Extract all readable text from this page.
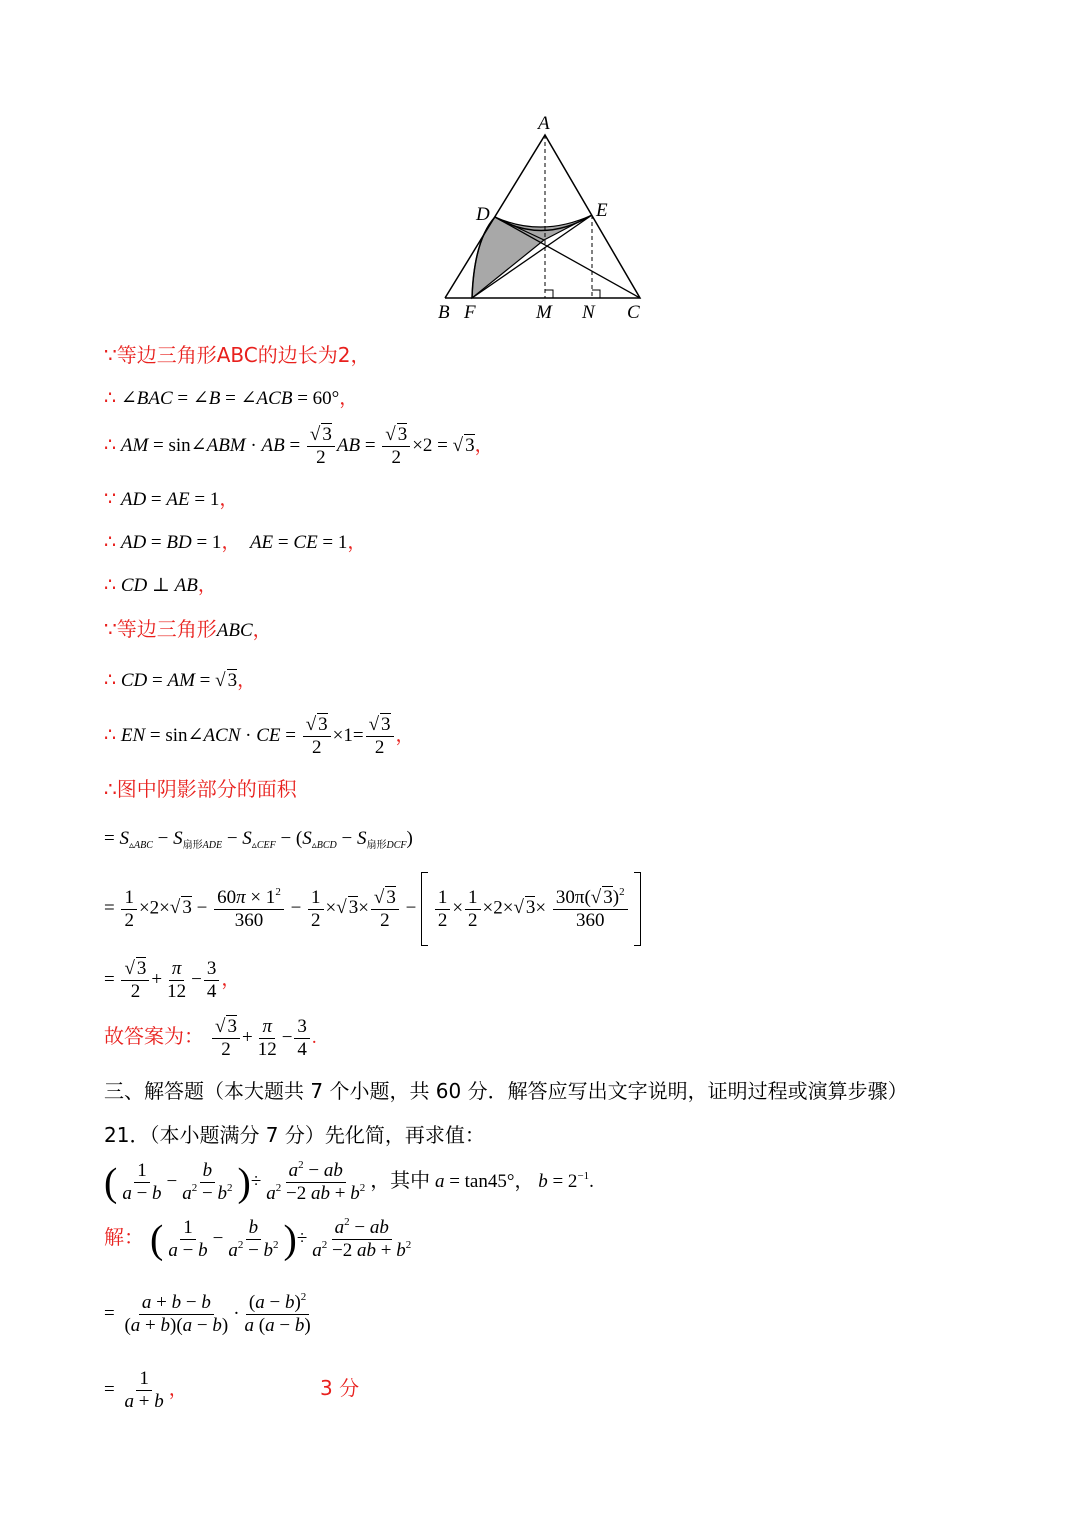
A
D	E
B F	M N C
∵等边三角形ABC的边长为2，
∴ ∠BAC = ∠B = ∠ACB = 60°，
∴ AM = sin∠ABM · AB =
√ $\frac{3}{2}$ AB =
√ $\frac{3}{2} \times 2$ = √ 3，
∵ AD = AE = 1，
∴ AD = BD = 1， AE = CE = 1，
∴ CD ⊥ AB，
∵等边三角形ABC，
∴ CD = AM = √ 3，
∴ EN = sin∠ACN · CE =
√ $\frac{3}{2} \times 1=$
√ $\frac{3}{2}$ ，
∴图中阴影部分的面积
= $S_{▵ABC} - S_{扇形ADE} - S_{▵CEF} - (S_{▵BCD} - S_{扇形DCF})$
= $\frac{1}{2} \times 2\times√$ $3 - \frac{60\pi \times 1^2}{360} - \frac{1}{2}$ ×√ 3×
√ $\frac{3}{2} - \frac{1}{2} \times \frac{1}{2} \times 2\times√$ $3\times \frac{30\pi(√ 3)^2}{360}$

=
√ $\frac{3}{2} + \frac{\pi}{12} - \frac{3}{4}$ ，
故答案为：
√ $\frac{3}{2} + \frac{\pi}{12} - \frac{3}{4}$ .
三、解答题（本大题共 7 个小题，共 60 分．解答应写出文字说明，证明过程或演算步骤）
21．（本小题满分 7 分）先化简，再求值：
( $\frac{1}{a - b} - \frac{b}{a^2 - b^2}$ )÷ $\frac{a^2 - ab}{a^2 -2 ab + b^2}$ ，其中 a = tan45°， $b = 2^{-1}$.
解： ( $\frac{1}{a - b} - \frac{b}{a^2 - b^2}$ )÷ $\frac{a^2 - ab}{a^2 -2 ab + b^2}$
= $\frac{a + b - b}{(a + b)(a - b)} \cdot \frac{(a - b)^2}{a (a - b)}$
= $\frac{1}{a + b}$ ，	3 分
